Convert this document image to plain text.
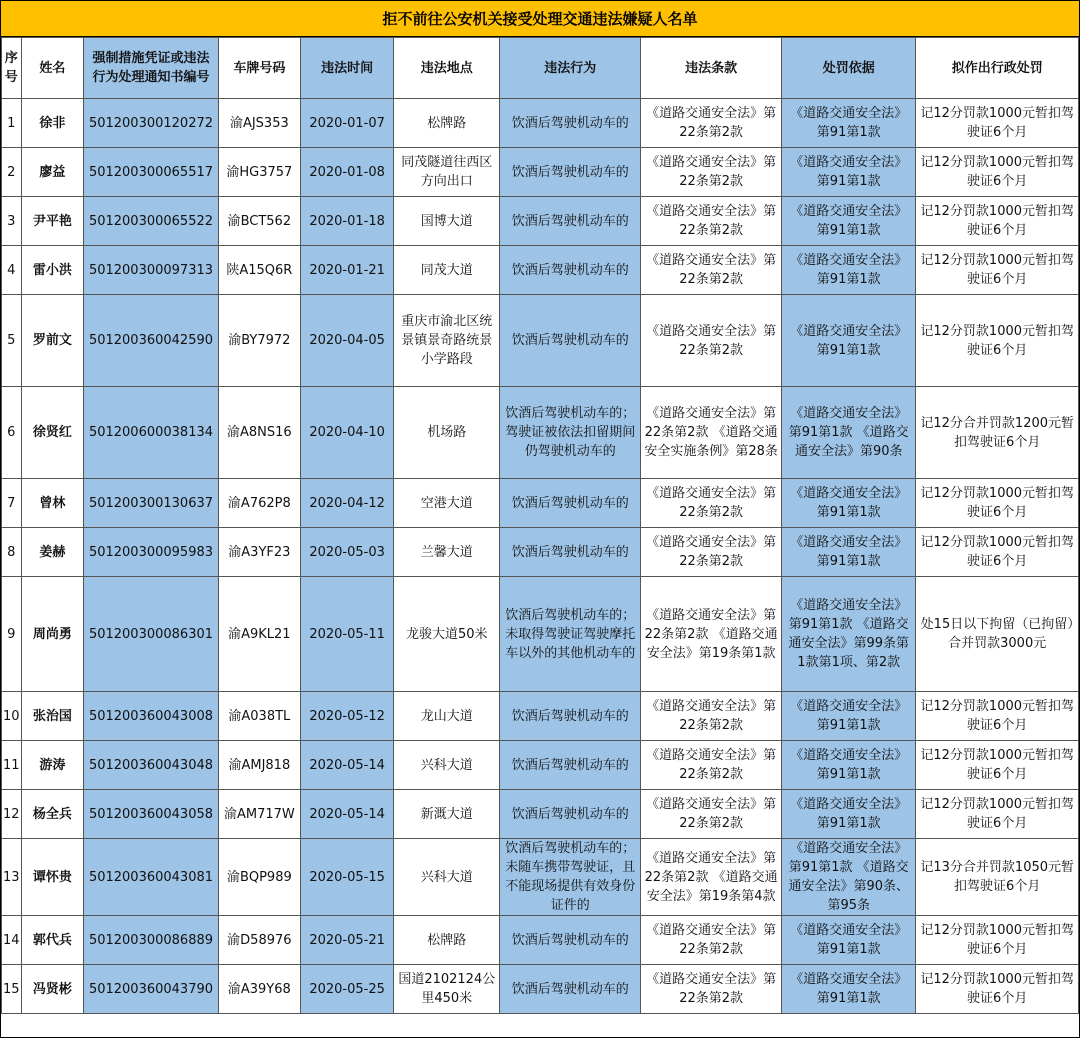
拒不前往公安机关接受处理交通违法嫌疑人名单
序号	姓名	强制措施凭证或违法行为处理通知书编号	车牌号码	违法时间	违法地点	违法行为	违法条款	处罚依据	拟作出行政处罚
1	徐非	501200300120272	渝AJS353	2020-01-07	松牌路	饮酒后驾驶机动车的	《道路交通安全法》第22条第2款	《道路交通安全法》第91第1款	记12分罚款1000元暂扣驾驶证6个月
2	廖益	501200300065517	渝HG3757	2020-01-08	同茂隧道往西区方向出口	饮酒后驾驶机动车的	《道路交通安全法》第22条第2款	《道路交通安全法》第91第1款	记12分罚款1000元暂扣驾驶证6个月
3	尹平艳	501200300065522	渝BCT562	2020-01-18	国博大道	饮酒后驾驶机动车的	《道路交通安全法》第22条第2款	《道路交通安全法》第91第1款	记12分罚款1000元暂扣驾驶证6个月
4	雷小洪	501200300097313	陕A15Q6R	2020-01-21	同茂大道	饮酒后驾驶机动车的	《道路交通安全法》第22条第2款	《道路交通安全法》第91第1款	记12分罚款1000元暂扣驾驶证6个月
5	罗前文	501200360042590	渝BY7972	2020-04-05	重庆市渝北区统景镇景奇路统景小学路段	饮酒后驾驶机动车的	《道路交通安全法》第22条第2款	《道路交通安全法》第91第1款	记12分罚款1000元暂扣驾驶证6个月
6	徐贤红	501200600038134	渝A8NS16	2020-04-10	机场路	饮酒后驾驶机动车的；驾驶证被依法扣留期间仍驾驶机动车的	《道路交通安全法》第22条第2款 《道路交通安全实施条例》第28条	《道路交通安全法》第91第1款 《道路交通安全法》第90条	记12分合并罚款1200元暂扣驾驶证6个月
7	曾林	501200300130637	渝A762P8	2020-04-12	空港大道	饮酒后驾驶机动车的	《道路交通安全法》第22条第2款	《道路交通安全法》第91第1款	记12分罚款1000元暂扣驾驶证6个月
8	姜赫	501200300095983	渝A3YF23	2020-05-03	兰馨大道	饮酒后驾驶机动车的	《道路交通安全法》第22条第2款	《道路交通安全法》第91第1款	记12分罚款1000元暂扣驾驶证6个月
9	周尚勇	501200300086301	渝A9KL21	2020-05-11	龙骏大道50米	饮酒后驾驶机动车的；未取得驾驶证驾驶摩托车以外的其他机动车的	《道路交通安全法》第22条第2款 《道路交通安全法》第19条第1款	《道路交通安全法》第91第1款 《道路交通安全法》第99条第1款第1项、第2款	处15日以下拘留（已拘留）合并罚款3000元
10	张治国	501200360043008	渝A038TL	2020-05-12	龙山大道	饮酒后驾驶机动车的	《道路交通安全法》第22条第2款	《道路交通安全法》第91第1款	记12分罚款1000元暂扣驾驶证6个月
11	游涛	501200360043048	渝AMJ818	2020-05-14	兴科大道	饮酒后驾驶机动车的	《道路交通安全法》第22条第2款	《道路交通安全法》第91第1款	记12分罚款1000元暂扣驾驶证6个月
12	杨全兵	501200360043058	渝AM717W	2020-05-14	新溉大道	饮酒后驾驶机动车的	《道路交通安全法》第22条第2款	《道路交通安全法》第91第1款	记12分罚款1000元暂扣驾驶证6个月
13	谭怀贵	501200360043081	渝BQP989	2020-05-15	兴科大道	饮酒后驾驶机动车的；未随车携带驾驶证，且不能现场提供有效身份证件的	《道路交通安全法》第22条第2款 《道路交通安全法》第19条第4款	《道路交通安全法》第91第1款 《道路交通安全法》第90条、第95条	记13分合并罚款1050元暂扣驾驶证6个月
14	郭代兵	501200300086889	渝D58976	2020-05-21	松牌路	饮酒后驾驶机动车的	《道路交通安全法》第22条第2款	《道路交通安全法》第91第1款	记12分罚款1000元暂扣驾驶证6个月
15	冯贤彬	501200360043790	渝A39Y68	2020-05-25	国道2102124公里450米	饮酒后驾驶机动车的	《道路交通安全法》第22条第2款	《道路交通安全法》第91第1款	记12分罚款1000元暂扣驾驶证6个月
